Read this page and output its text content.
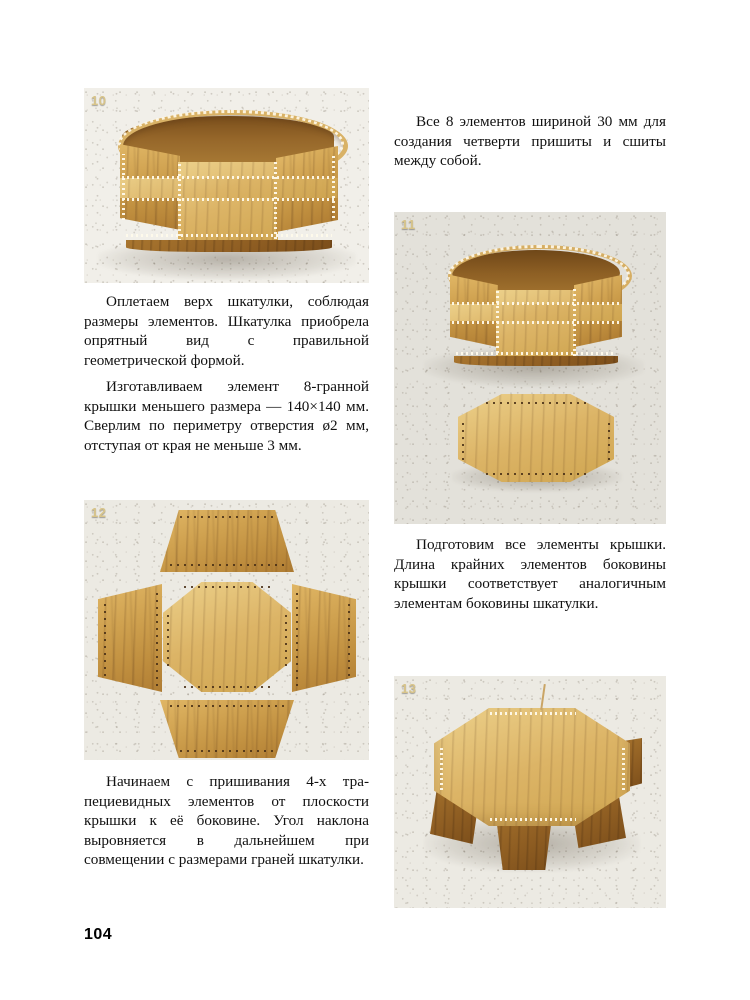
10
Все 8 элементов шириной 30 мм для создания четверти пришиты и сшиты между собой.
11
Оплетаем верх шкатулки, соблюдая размеры элементов. Шкатулка приобрела опрятный вид с правильной геометрической формой.
Изготавливаем элемент 8-гранной крышки меньшего размера — 140×140 мм. Сверлим по периметру отверстия ø2 мм, отступая от края не меньше 3 мм.
12
Подготовим все элементы крышки. Длина крайних элементов боковины крышки соответствует аналогичным элементам боковины шкатулки.
13
Начинаем с пришивания 4-х трапециевидных элементов от плоскости крышки к её боковине. Угол наклона выровняется в дальнейшем при совмещении с размерами граней шкатулки.
104
